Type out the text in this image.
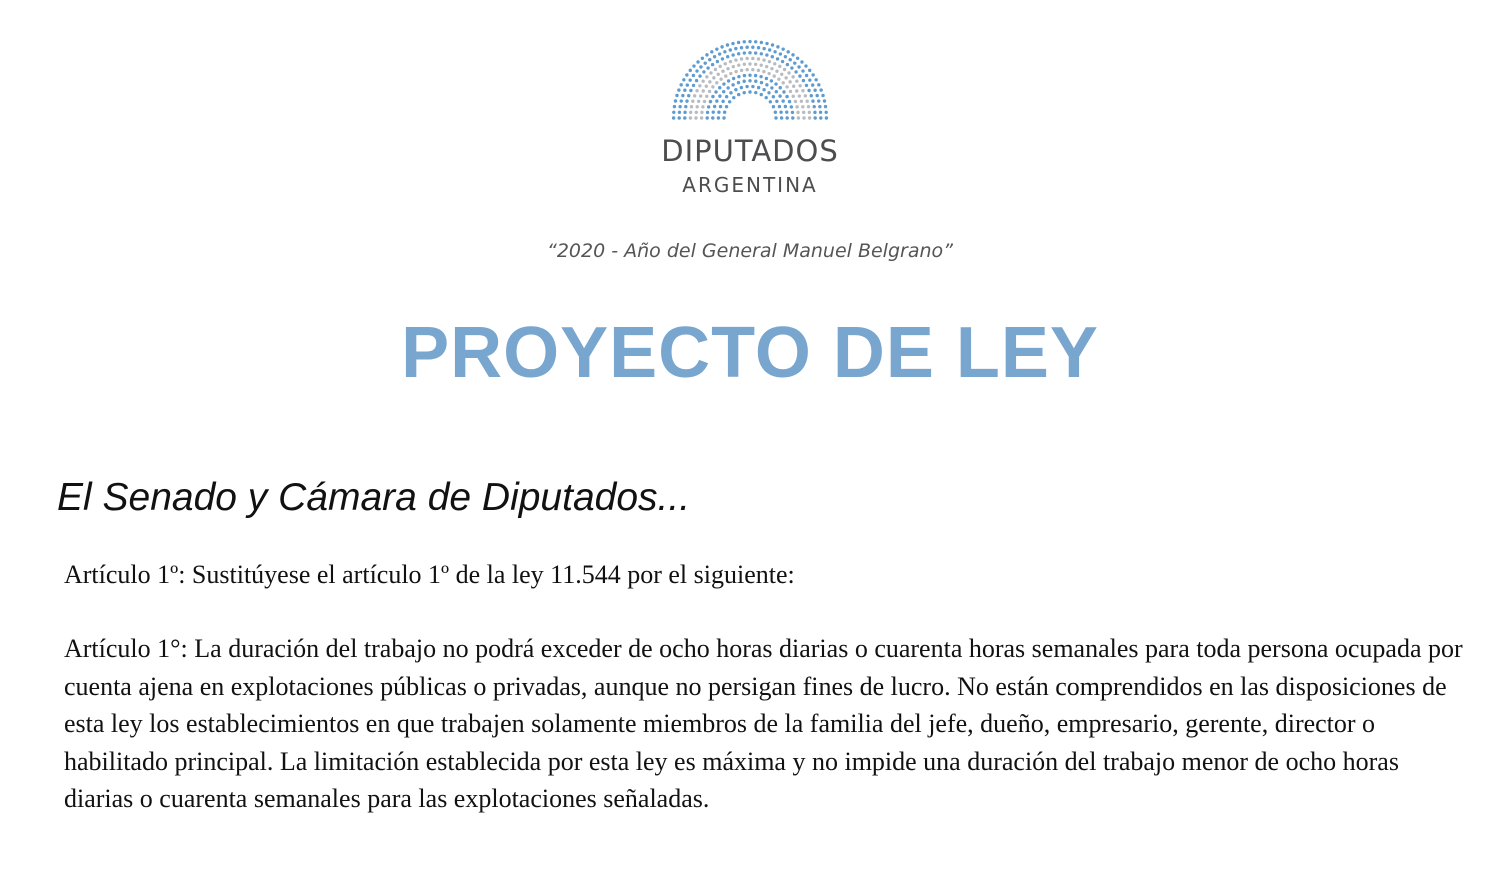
DIPUTADOS
ARGENTINA
“2020 - Año del General Manuel Belgrano”
PROYECTO DE LEY
El Senado y Cámara de Diputados...

Artículo 1º: Sustitúyese el artículo 1º de la ley 11.544 por el siguiente:

Artículo 1°: La duración del trabajo no podrá exceder de ocho horas diarias o cuarenta horas semanales para toda persona ocupada por cuenta ajena en explotaciones públicas o privadas, aunque no persigan fines de lucro. No están comprendidos en las disposiciones de esta ley los establecimientos en que trabajen solamente miembros de la familia del jefe, dueño, empresario, gerente, director o habilitado principal. La limitación establecida por esta ley es máxima y no impide una duración del trabajo menor de ocho horas diarias o cuarenta semanales para las explotaciones señaladas.
